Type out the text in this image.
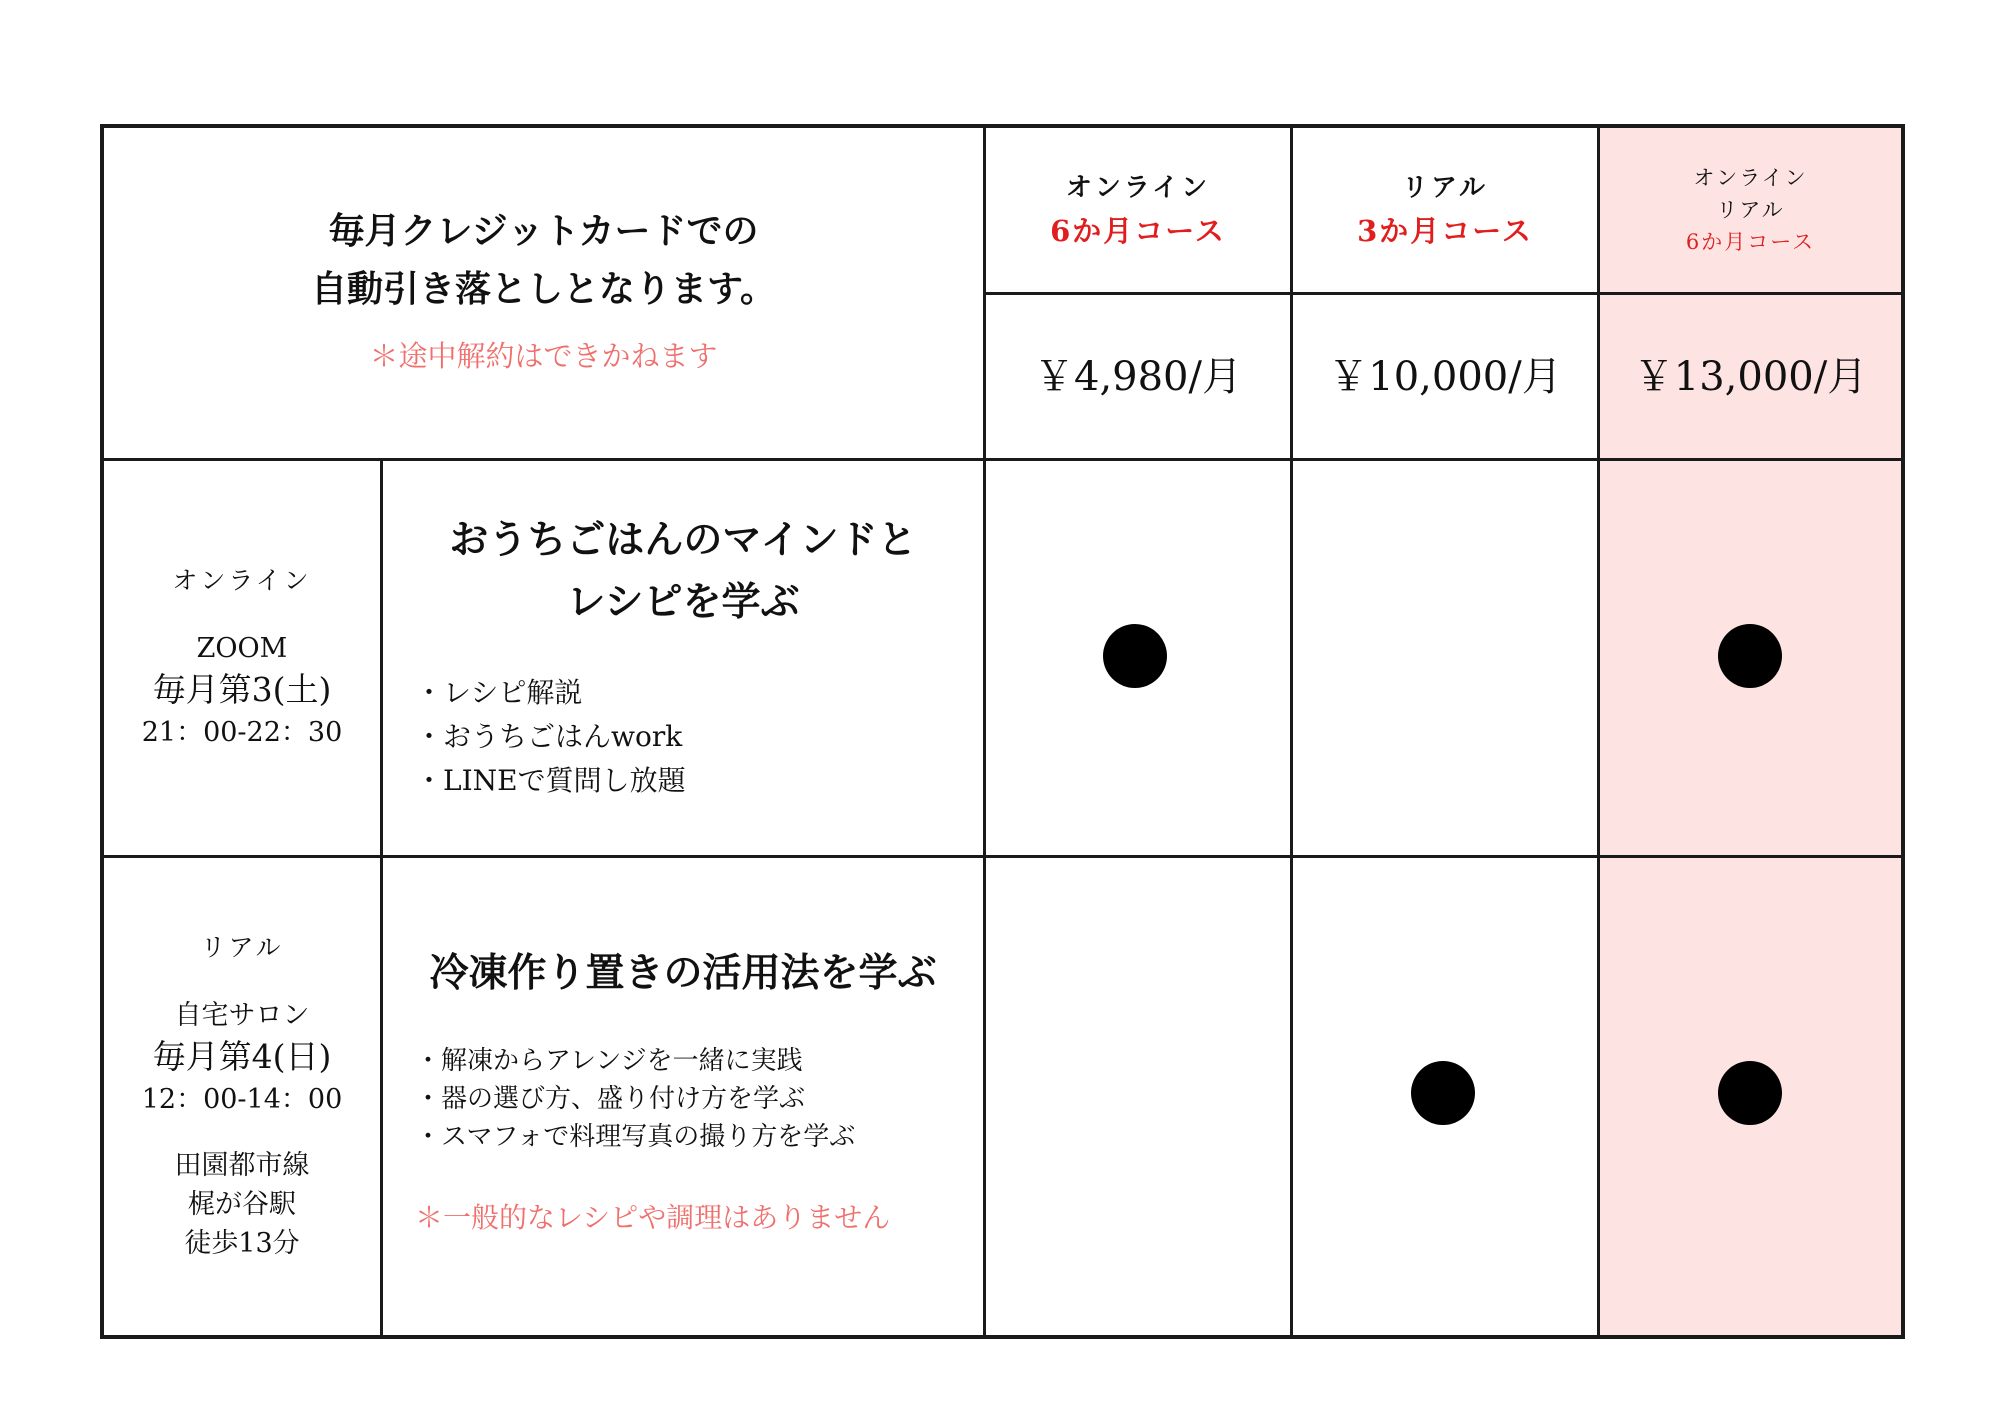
毎月クレジットカードでの
自動引き落としとなります。
＊途中解約はできかねます
オンライン
6か月コース
リアル
3か月コース
オンライン
リアル
6か月コース
￥4,980/月 ￥10,000/月 ￥13,000/月
オンライン
ZOOM
毎月第3(土)
21：00-22：30
おうちごはんのマインドと
レシピを学ぶ
・ レシピ解説
・ おうちごはんwork
・ LINEで質問し放題
リアル
自宅サロン
毎月第4(日)
12：00-14：00
田園都市線
梶が谷駅
徒歩13分
冷凍作り置きの活用法を学ぶ
・ 解凍からアレンジを一緒に実践
・ 器の選び方、盛り付け方を学ぶ
・ スマフォで料理写真の撮り方を学ぶ
＊一般的なレシピや調理はありません
